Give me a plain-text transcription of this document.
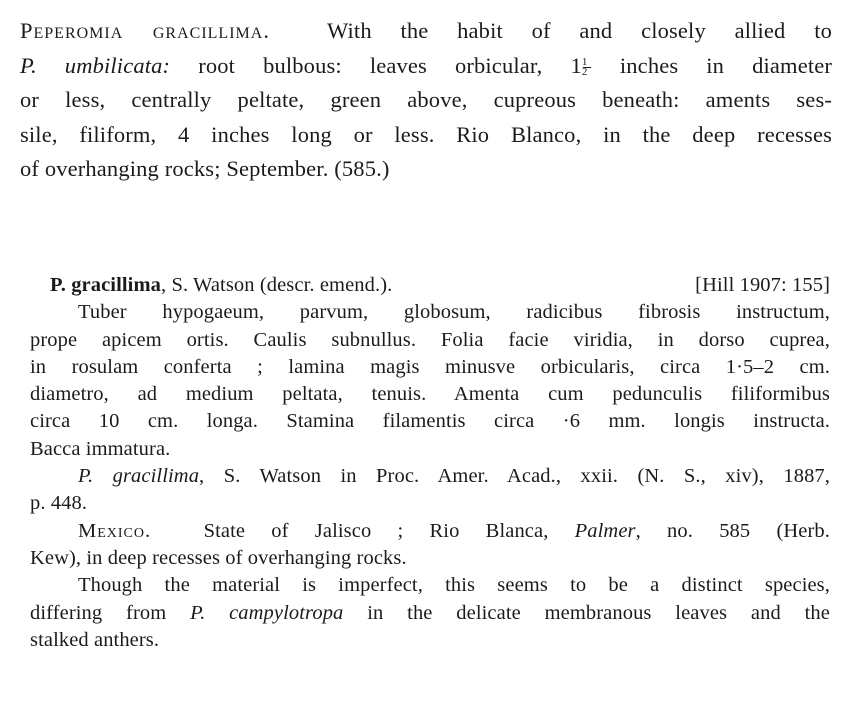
Peperomia gracillima.	With the habit of and closely allied to
P. umbilicata: root bulbous: leaves orbicular, $1 \frac{1}{2}$ inches in diameter
or less, centrally peltate, green above, cupreous beneath: aments ses-
sile, filiform, 4 inches long or less. Rio Blanco, in the deep recesses
of overhanging rocks; September. (585.)
P. gracillima, S. Watson (descr. emend.).	[Hill 1907: 155]
Tuber hypogaeum, parvum, globosum, radicibus fibrosis instructum,
prope apicem ortis. Caulis subnullus. Folia facie viridia, in dorso cuprea,
in rosulam conferta ; lamina magis minusve orbicularis, circa 1·5–2 cm.
diametro, ad medium peltata, tenuis. Amenta cum pedunculis filiformibus
circa 10 cm. longa. Stamina filamentis circa ·6 mm. longis instructa.
Bacca immatura.
P. gracillima, S. Watson in Proc. Amer. Acad., xxii. (N. S., xiv), 1887,
p. 448.
Mexico.	State of Jalisco ; Rio Blanca, Palmer, no. 585 (Herb.
Kew), in deep recesses of overhanging rocks.
Though the material is imperfect, this seems to be a distinct species,
differing from P. campylotropa in the delicate membranous leaves and the
stalked anthers.
